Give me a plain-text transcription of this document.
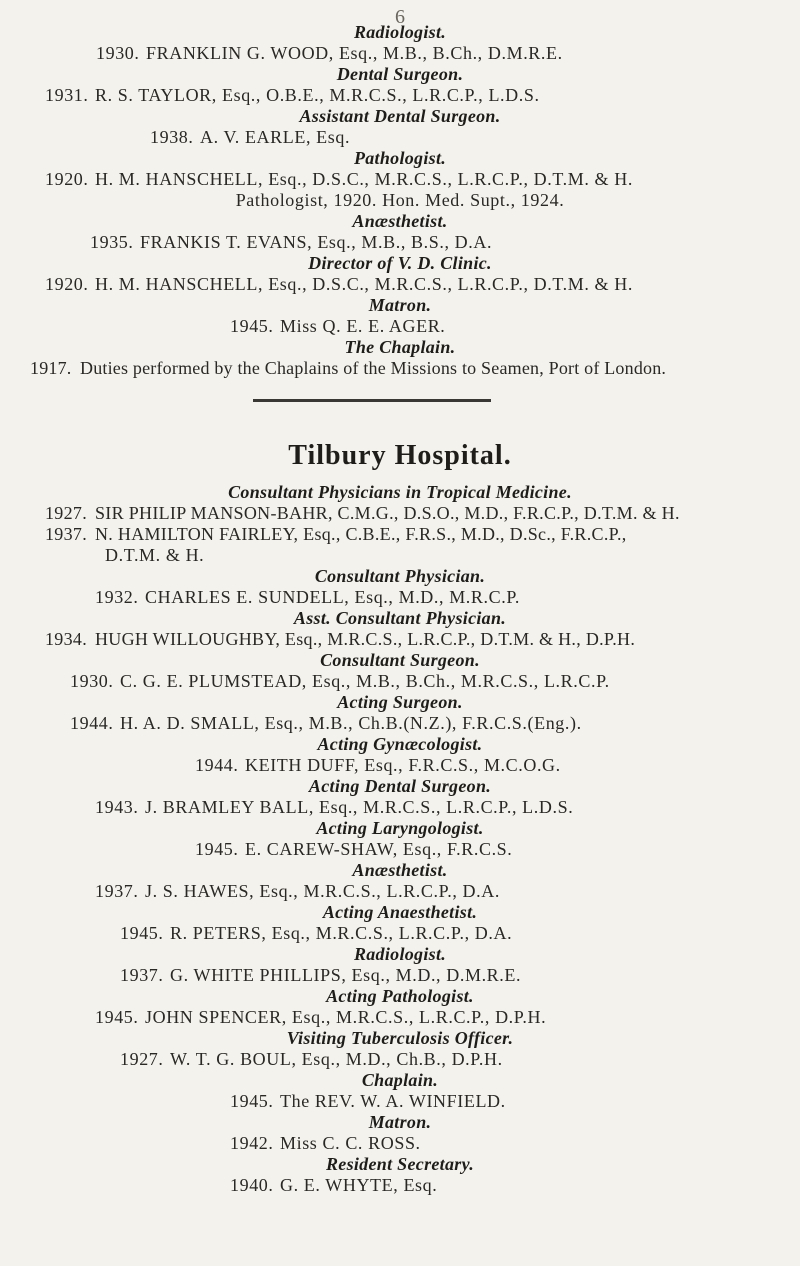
6
Radiologist.
1930. FRANKLIN G. WOOD, Esq., M.B., B.Ch., D.M.R.E.
Dental Surgeon.
1931. R. S. TAYLOR, Esq., O.B.E., M.R.C.S., L.R.C.P., L.D.S.
Assistant Dental Surgeon.
1938. A. V. EARLE, Esq.
Pathologist.
1920. H. M. HANSCHELL, Esq., D.S.C., M.R.C.S., L.R.C.P., D.T.M. & H.
Pathologist, 1920. Hon. Med. Supt., 1924.
Anæsthetist.
1935. FRANKIS T. EVANS, Esq., M.B., B.S., D.A.
Director of V. D. Clinic.
1920. H. M. HANSCHELL, Esq., D.S.C., M.R.C.S., L.R.C.P., D.T.M. & H.
Matron.
1945. Miss Q. E. E. AGER.
The Chaplain.
1917. Duties performed by the Chaplains of the Missions to Seamen, Port of London.
Tilbury Hospital.
Consultant Physicians in Tropical Medicine.
1927. SIR PHILIP MANSON-BAHR, C.M.G., D.S.O., M.D., F.R.C.P., D.T.M. & H.
1937. N. HAMILTON FAIRLEY, Esq., C.B.E., F.R.S., M.D., D.Sc., F.R.C.P.,
D.T.M. & H.
Consultant Physician.
1932. CHARLES E. SUNDELL, Esq., M.D., M.R.C.P.
Asst. Consultant Physician.
1934. HUGH WILLOUGHBY, Esq., M.R.C.S., L.R.C.P., D.T.M. & H., D.P.H.
Consultant Surgeon.
1930. C. G. E. PLUMSTEAD, Esq., M.B., B.Ch., M.R.C.S., L.R.C.P.
Acting Surgeon.
1944. H. A. D. SMALL, Esq., M.B., Ch.B.(N.Z.), F.R.C.S.(Eng.).
Acting Gynæcologist.
1944. KEITH DUFF, Esq., F.R.C.S., M.C.O.G.
Acting Dental Surgeon.
1943. J. BRAMLEY BALL, Esq., M.R.C.S., L.R.C.P., L.D.S.
Acting Laryngologist.
1945. E. CAREW-SHAW, Esq., F.R.C.S.
Anæsthetist.
1937. J. S. HAWES, Esq., M.R.C.S., L.R.C.P., D.A.
Acting Anaesthetist.
1945. R. PETERS, Esq., M.R.C.S., L.R.C.P., D.A.
Radiologist.
1937. G. WHITE PHILLIPS, Esq., M.D., D.M.R.E.
Acting Pathologist.
1945. JOHN SPENCER, Esq., M.R.C.S., L.R.C.P., D.P.H.
Visiting Tuberculosis Officer.
1927. W. T. G. BOUL, Esq., M.D., Ch.B., D.P.H.
Chaplain.
1945. The REV. W. A. WINFIELD.
Matron.
1942. Miss C. C. ROSS.
Resident Secretary.
1940. G. E. WHYTE, Esq.
